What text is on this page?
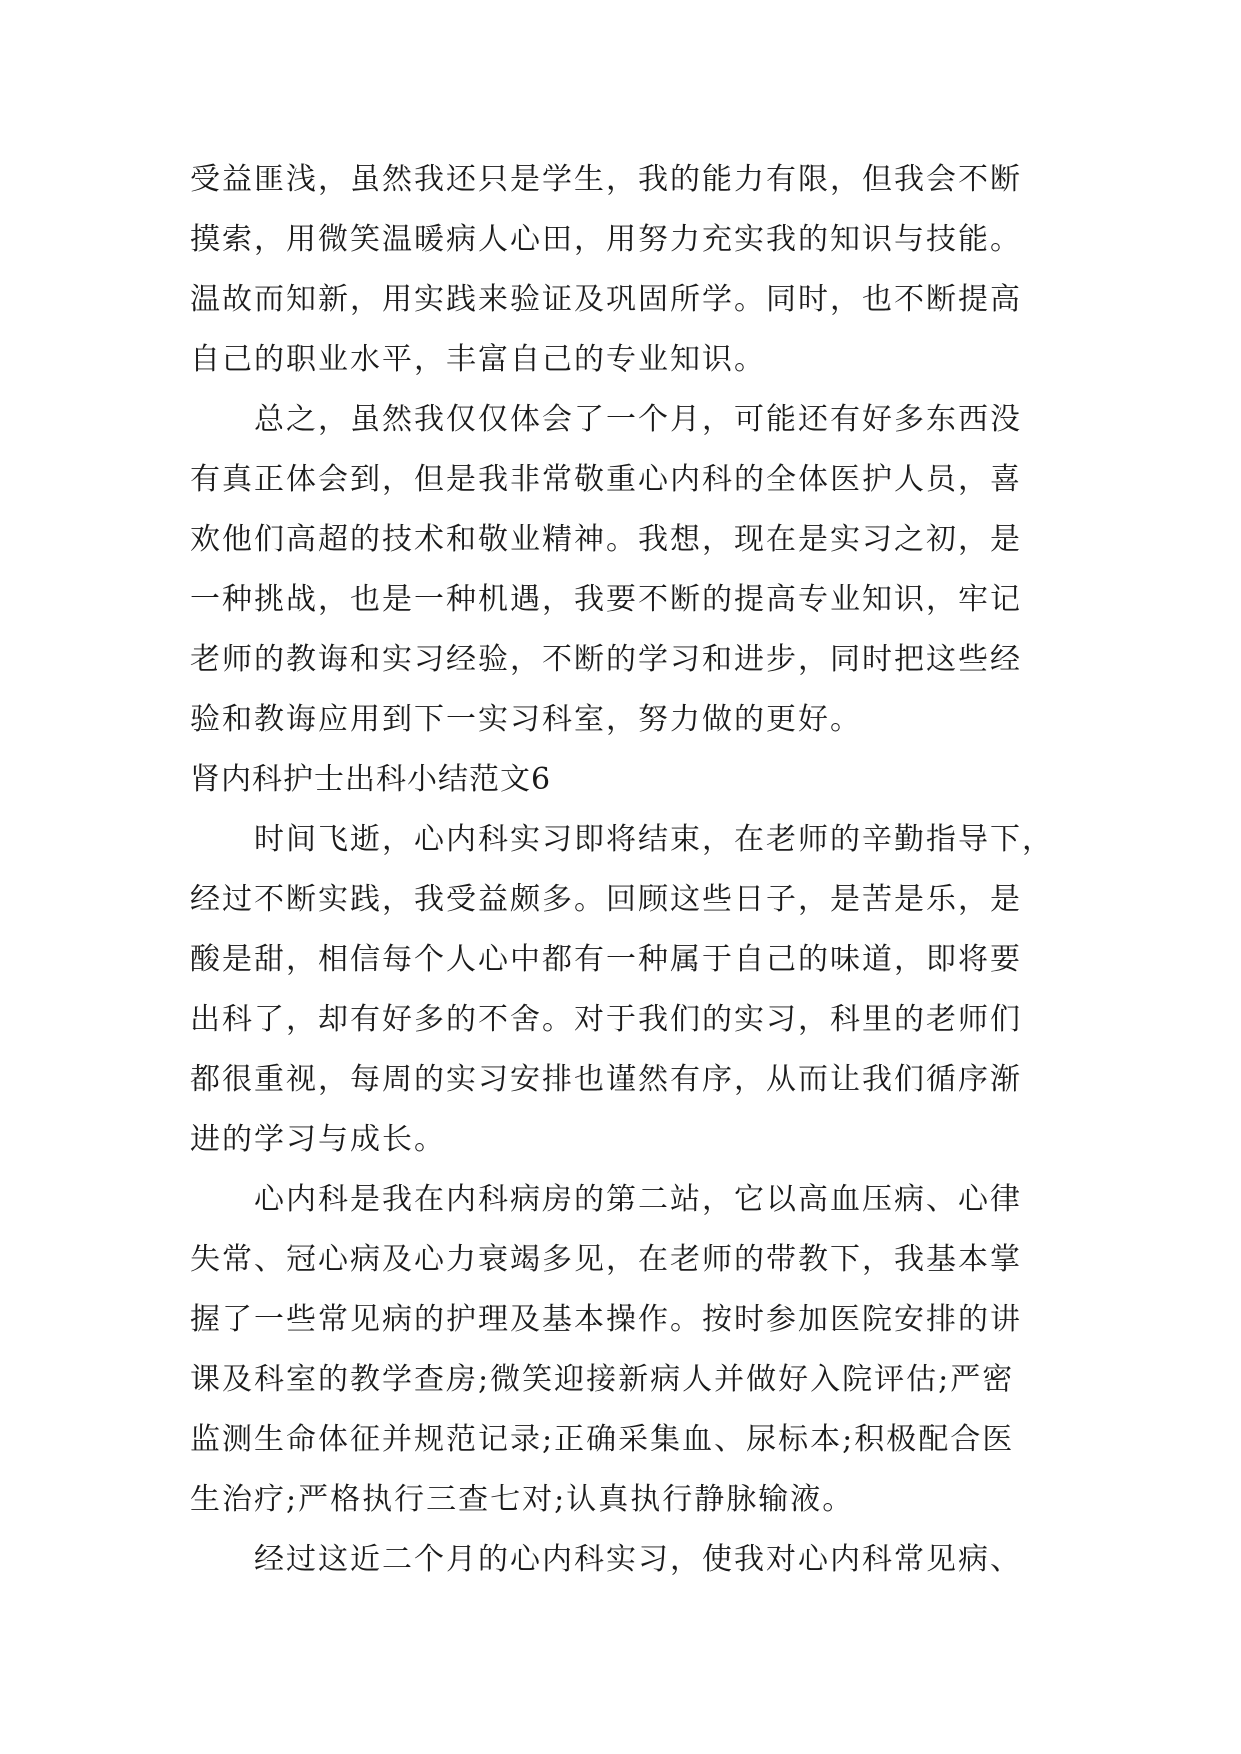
受益匪浅，虽然我还只是学生，我的能力有限，但我会不断
摸索，用微笑温暖病人心田，用努力充实我的知识与技能。
温故而知新，用实践来验证及巩固所学。同时，也不断提高
自己的职业水平，丰富自己的专业知识。
总之，虽然我仅仅体会了一个月，可能还有好多东西没
有真正体会到，但是我非常敬重心内科的全体医护人员，喜
欢他们高超的技术和敬业精神。我想，现在是实习之初，是
一种挑战，也是一种机遇，我要不断的提高专业知识，牢记
老师的教诲和实习经验，不断的学习和进步，同时把这些经
验和教诲应用到下一实习科室，努力做的更好。
肾内科护士出科小结范文6
时间飞逝，心内科实习即将结束，在老师的辛勤指导下，
经过不断实践，我受益颇多。回顾这些日子，是苦是乐，是
酸是甜，相信每个人心中都有一种属于自己的味道，即将要
出科了，却有好多的不舍。对于我们的实习，科里的老师们
都很重视，每周的实习安排也谨然有序，从而让我们循序渐
进的学习与成长。
心内科是我在内科病房的第二站，它以高血压病、心律
失常、冠心病及心力衰竭多见，在老师的带教下，我基本掌
握了一些常见病的护理及基本操作。按时参加医院安排的讲
课及科室的教学查房;微笑迎接新病人并做好入院评估;严密
监测生命体征并规范记录;正确采集血、尿标本;积极配合医
生治疗;严格执行三查七对;认真执行静脉输液。
经过这近二个月的心内科实习，使我对心内科常见病、
